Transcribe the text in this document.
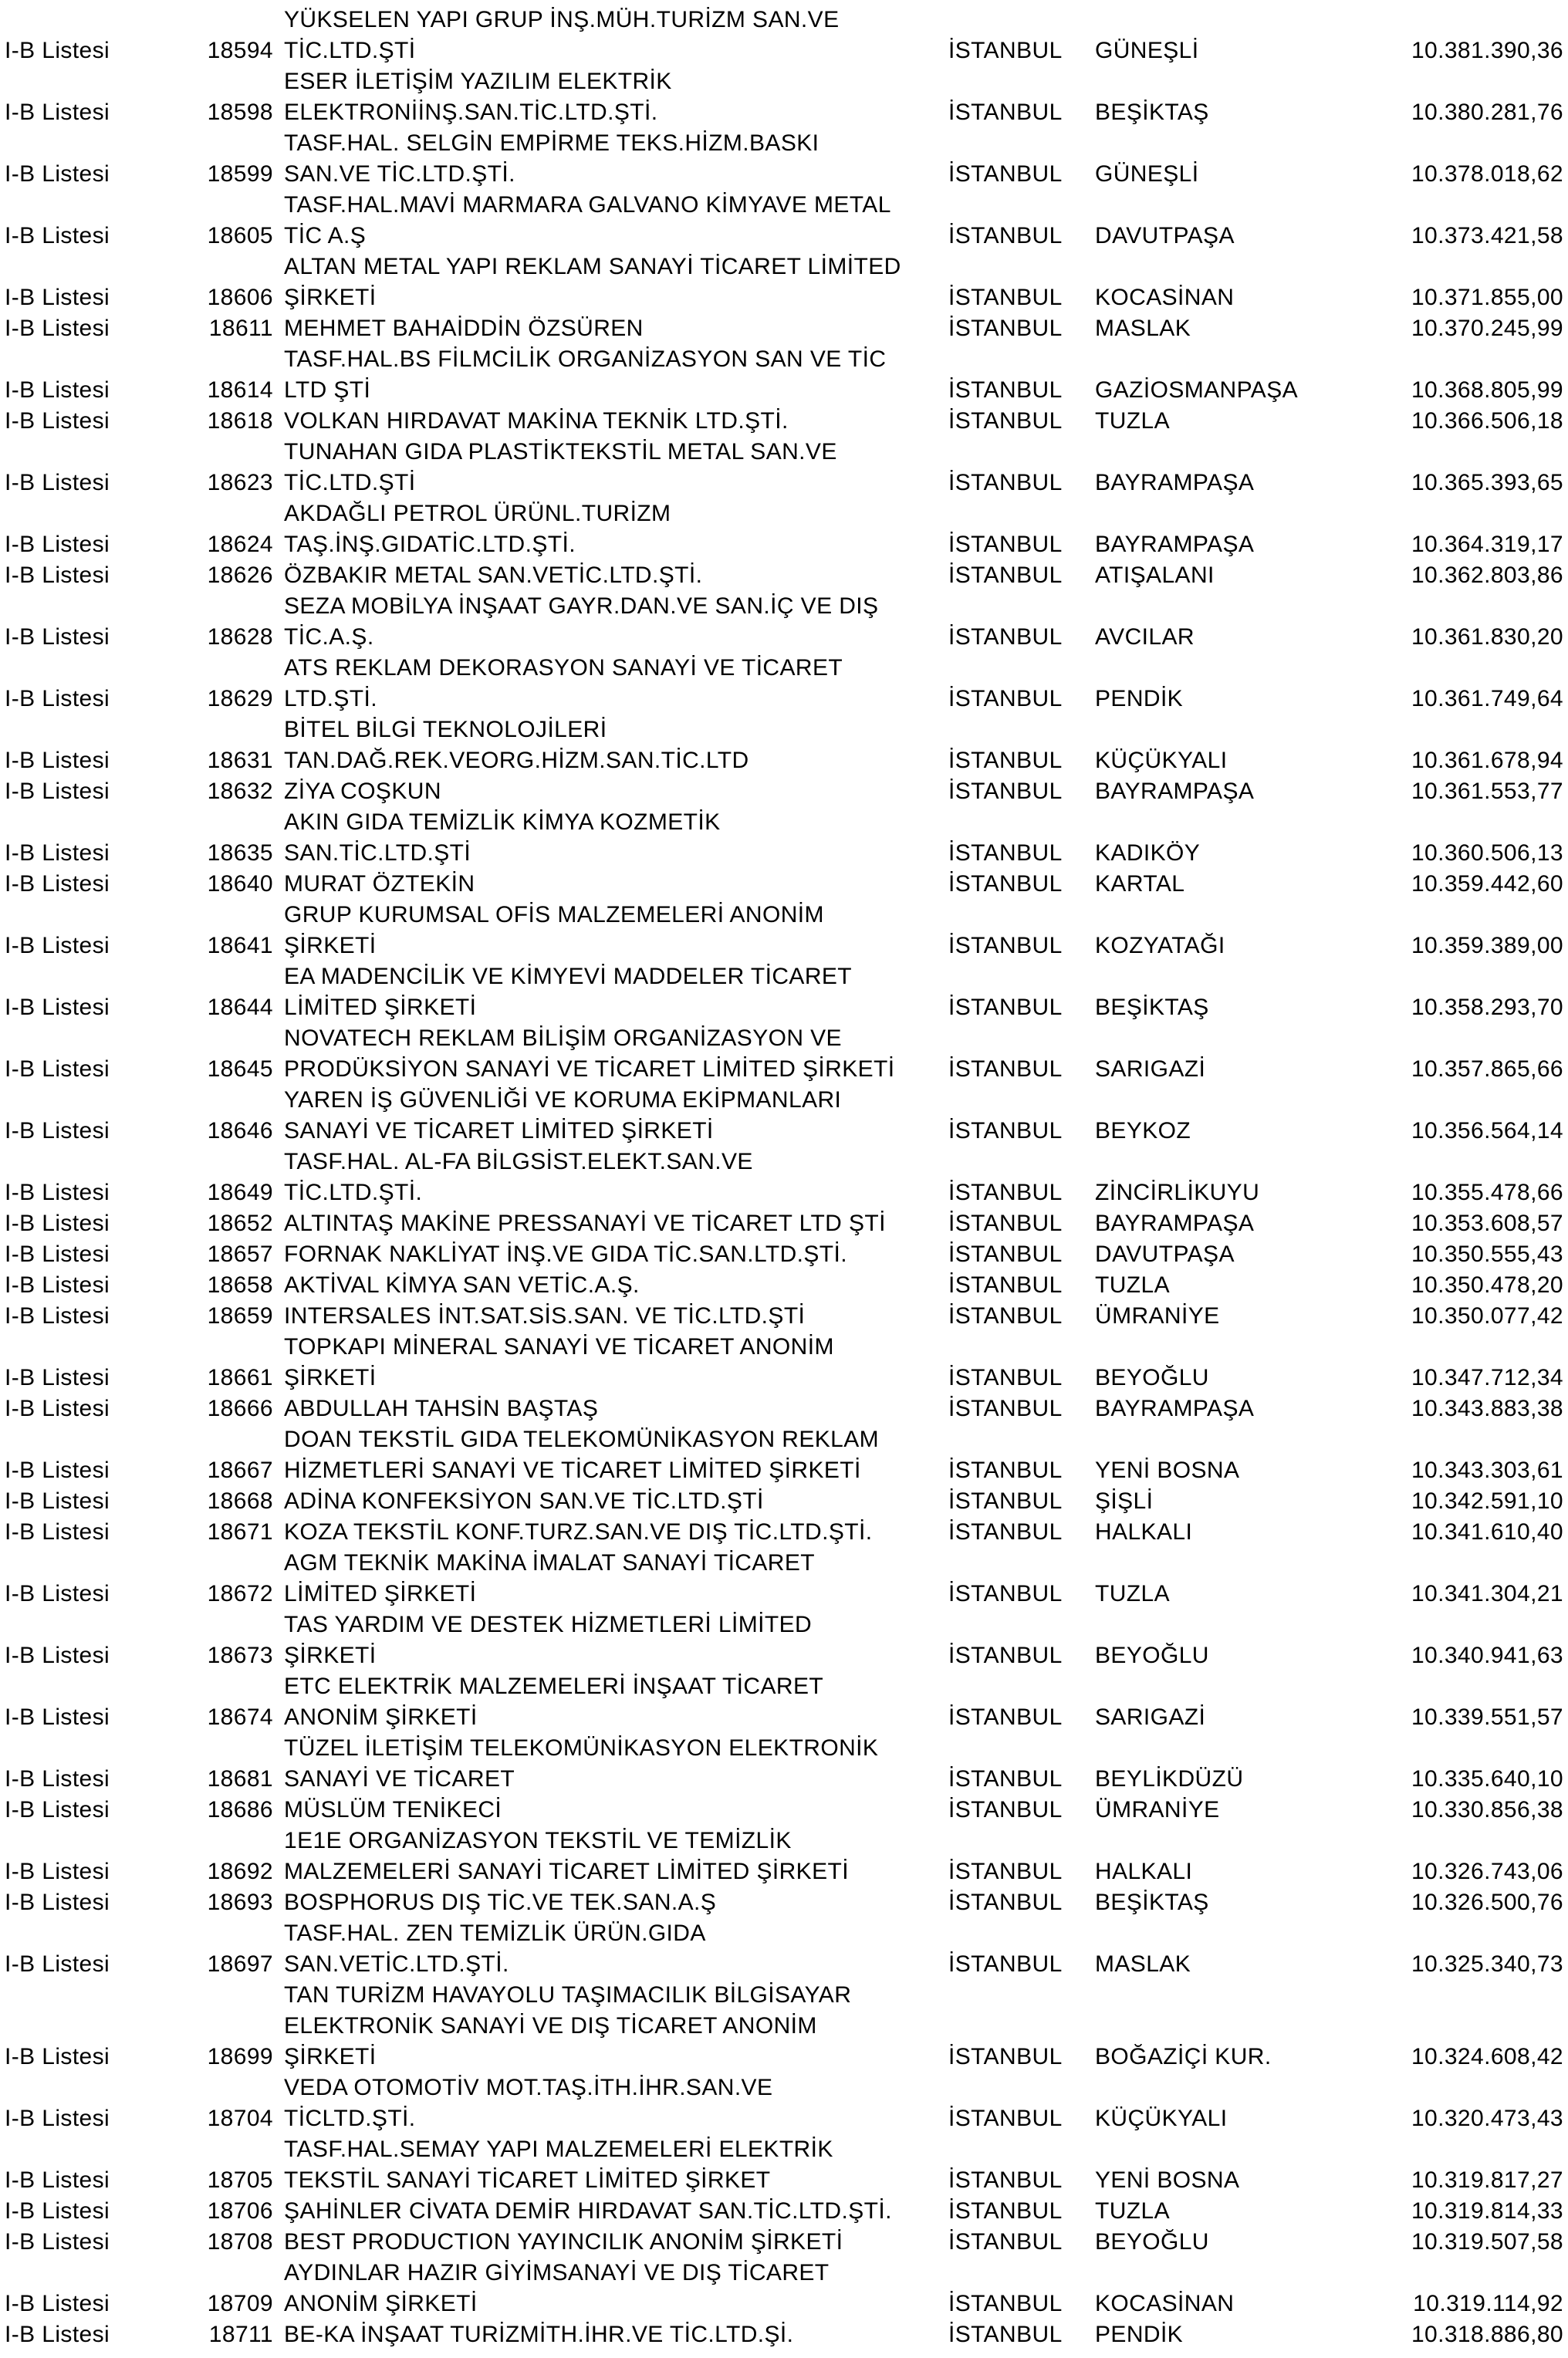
YÜKSELEN YAPI GRUP İNŞ.MÜH.TURİZM SAN.VE
I-B Listesi	18594 TİC.LTD.ŞTİ	İSTANBUL	GÜNEŞLİ	10.381.390,36
ESER İLETİŞİM YAZILIM ELEKTRİK
I-B Listesi	18598 ELEKTRONİİNŞ.SAN.TİC.LTD.ŞTİ.	İSTANBUL	BEŞİKTAŞ	10.380.281,76
TASF.HAL. SELGİN EMPİRME TEKS.HİZM.BASKI
I-B Listesi	18599 SAN.VE TİC.LTD.ŞTİ.	İSTANBUL	GÜNEŞLİ	10.378.018,62
TASF.HAL.MAVİ MARMARA GALVANO KİMYAVE METAL
I-B Listesi	18605 TİC A.Ş	İSTANBUL	DAVUTPAŞA	10.373.421,58
ALTAN METAL YAPI REKLAM SANAYİ TİCARET LİMİTED
I-B Listesi	18606 ŞİRKETİ	İSTANBUL	KOCASİNAN	10.371.855,00
I-B Listesi	18611 MEHMET BAHAİDDİN ÖZSÜREN	İSTANBUL	MASLAK	10.370.245,99
TASF.HAL.BS FİLMCİLİK ORGANİZASYON SAN VE TİC
I-B Listesi	18614 LTD ŞTİ	İSTANBUL	GAZİOSMANPAŞA	10.368.805,99
I-B Listesi	18618 VOLKAN HIRDAVAT MAKİNA TEKNİK LTD.ŞTİ.	İSTANBUL	TUZLA	10.366.506,18
TUNAHAN GIDA PLASTİKTEKSTİL METAL SAN.VE
I-B Listesi	18623 TİC.LTD.ŞTİ	İSTANBUL	BAYRAMPAŞA	10.365.393,65
AKDAĞLI PETROL ÜRÜNL.TURİZM
I-B Listesi	18624 TAŞ.İNŞ.GIDATİC.LTD.ŞTİ.	İSTANBUL	BAYRAMPAŞA	10.364.319,17
I-B Listesi	18626 ÖZBAKIR METAL SAN.VETİC.LTD.ŞTİ.	İSTANBUL	ATIŞALANI	10.362.803,86
SEZA MOBİLYA İNŞAAT GAYR.DAN.VE SAN.İÇ VE DIŞ
I-B Listesi	18628 TİC.A.Ş.	İSTANBUL	AVCILAR	10.361.830,20
ATS REKLAM DEKORASYON SANAYİ VE TİCARET
I-B Listesi	18629 LTD.ŞTİ.	İSTANBUL	PENDİK	10.361.749,64
BİTEL BİLGİ TEKNOLOJİLERİ
I-B Listesi	18631 TAN.DAĞ.REK.VEORG.HİZM.SAN.TİC.LTD	İSTANBUL	KÜÇÜKYALI	10.361.678,94
I-B Listesi	18632 ZİYA COŞKUN	İSTANBUL	BAYRAMPAŞA	10.361.553,77
AKIN GIDA TEMİZLİK KİMYA KOZMETİK
I-B Listesi	18635 SAN.TİC.LTD.ŞTİ	İSTANBUL	KADIKÖY	10.360.506,13
I-B Listesi	18640 MURAT ÖZTEKİN	İSTANBUL	KARTAL	10.359.442,60
GRUP KURUMSAL OFİS MALZEMELERİ ANONİM
I-B Listesi	18641 ŞİRKETİ	İSTANBUL	KOZYATAĞI	10.359.389,00
EA MADENCİLİK VE KİMYEVİ MADDELER TİCARET
I-B Listesi	18644 LİMİTED ŞİRKETİ	İSTANBUL	BEŞİKTAŞ	10.358.293,70
NOVATECH REKLAM BİLİŞİM ORGANİZASYON VE
I-B Listesi	18645 PRODÜKSİYON SANAYİ VE TİCARET LİMİTED ŞİRKETİ	İSTANBUL	SARIGAZİ	10.357.865,66
YAREN İŞ GÜVENLİĞİ VE KORUMA EKİPMANLARI
I-B Listesi	18646 SANAYİ VE TİCARET LİMİTED ŞİRKETİ	İSTANBUL	BEYKOZ	10.356.564,14
TASF.HAL. AL-FA BİLGSİST.ELEKT.SAN.VE
I-B Listesi	18649 TİC.LTD.ŞTİ.	İSTANBUL	ZİNCİRLİKUYU	10.355.478,66
I-B Listesi	18652 ALTINTAŞ MAKİNE PRESSANAYİ VE TİCARET LTD ŞTİ	İSTANBUL	BAYRAMPAŞA	10.353.608,57
I-B Listesi	18657 FORNAK NAKLİYAT İNŞ.VE GIDA TİC.SAN.LTD.ŞTİ.	İSTANBUL	DAVUTPAŞA	10.350.555,43
I-B Listesi	18658 AKTİVAL KİMYA SAN VETİC.A.Ş.	İSTANBUL	TUZLA	10.350.478,20
I-B Listesi	18659 INTERSALES İNT.SAT.SİS.SAN. VE TİC.LTD.ŞTİ	İSTANBUL	ÜMRANİYE	10.350.077,42
TOPKAPI MİNERAL SANAYİ VE TİCARET ANONİM
I-B Listesi	18661 ŞİRKETİ	İSTANBUL	BEYOĞLU	10.347.712,34
I-B Listesi	18666 ABDULLAH TAHSİN BAŞTAŞ	İSTANBUL	BAYRAMPAŞA	10.343.883,38
DOAN TEKSTİL GIDA TELEKOMÜNİKASYON REKLAM
I-B Listesi	18667 HİZMETLERİ SANAYİ VE TİCARET LİMİTED ŞİRKETİ	İSTANBUL	YENİ BOSNA	10.343.303,61
I-B Listesi	18668 ADİNA KONFEKSİYON SAN.VE TİC.LTD.ŞTİ	İSTANBUL	ŞİŞLİ	10.342.591,10
I-B Listesi	18671 KOZA TEKSTİL KONF.TURZ.SAN.VE DIŞ TİC.LTD.ŞTİ.	İSTANBUL	HALKALI	10.341.610,40
AGM TEKNİK MAKİNA İMALAT SANAYİ TİCARET
I-B Listesi	18672 LİMİTED ŞİRKETİ	İSTANBUL	TUZLA	10.341.304,21
TAS YARDIM VE DESTEK HİZMETLERİ LİMİTED
I-B Listesi	18673 ŞİRKETİ	İSTANBUL	BEYOĞLU	10.340.941,63
ETC ELEKTRİK MALZEMELERİ İNŞAAT TİCARET
I-B Listesi	18674 ANONİM ŞİRKETİ	İSTANBUL	SARIGAZİ	10.339.551,57
TÜZEL İLETİŞİM TELEKOMÜNİKASYON ELEKTRONİK
I-B Listesi	18681 SANAYİ VE TİCARET	İSTANBUL	BEYLİKDÜZÜ	10.335.640,10
I-B Listesi	18686 MÜSLÜM TENİKECİ	İSTANBUL	ÜMRANİYE	10.330.856,38
1E1E ORGANİZASYON TEKSTİL VE TEMİZLİK
I-B Listesi	18692 MALZEMELERİ SANAYİ TİCARET LİMİTED ŞİRKETİ	İSTANBUL	HALKALI	10.326.743,06
I-B Listesi	18693 BOSPHORUS DIŞ TİC.VE TEK.SAN.A.Ş	İSTANBUL	BEŞİKTAŞ	10.326.500,76
TASF.HAL. ZEN TEMİZLİK ÜRÜN.GIDA
I-B Listesi	18697 SAN.VETİC.LTD.ŞTİ.	İSTANBUL	MASLAK	10.325.340,73
TAN TURİZM HAVAYOLU TAŞIMACILIK BİLGİSAYAR
ELEKTRONİK SANAYİ VE DIŞ TİCARET ANONİM
I-B Listesi	18699 ŞİRKETİ	İSTANBUL	BOĞAZİÇİ KUR.	10.324.608,42
VEDA OTOMOTİV MOT.TAŞ.İTH.İHR.SAN.VE
I-B Listesi	18704 TİCLTD.ŞTİ.	İSTANBUL	KÜÇÜKYALI	10.320.473,43
TASF.HAL.SEMAY YAPI MALZEMELERİ ELEKTRİK
I-B Listesi	18705 TEKSTİL SANAYİ TİCARET LİMİTED ŞİRKET	İSTANBUL	YENİ BOSNA	10.319.817,27
I-B Listesi	18706 ŞAHİNLER CİVATA DEMİR HIRDAVAT SAN.TİC.LTD.ŞTİ.	İSTANBUL	TUZLA	10.319.814,33
I-B Listesi	18708 BEST PRODUCTION YAYINCILIK ANONİM ŞİRKETİ	İSTANBUL	BEYOĞLU	10.319.507,58
AYDINLAR HAZIR GİYİMSANAYİ VE DIŞ TİCARET
I-B Listesi	18709 ANONİM ŞİRKETİ	İSTANBUL	KOCASİNAN	10.319.114,92
I-B Listesi	18711 BE-KA İNŞAAT TURİZMİTH.İHR.VE TİC.LTD.Şİ.	İSTANBUL	PENDİK	10.318.886,80
